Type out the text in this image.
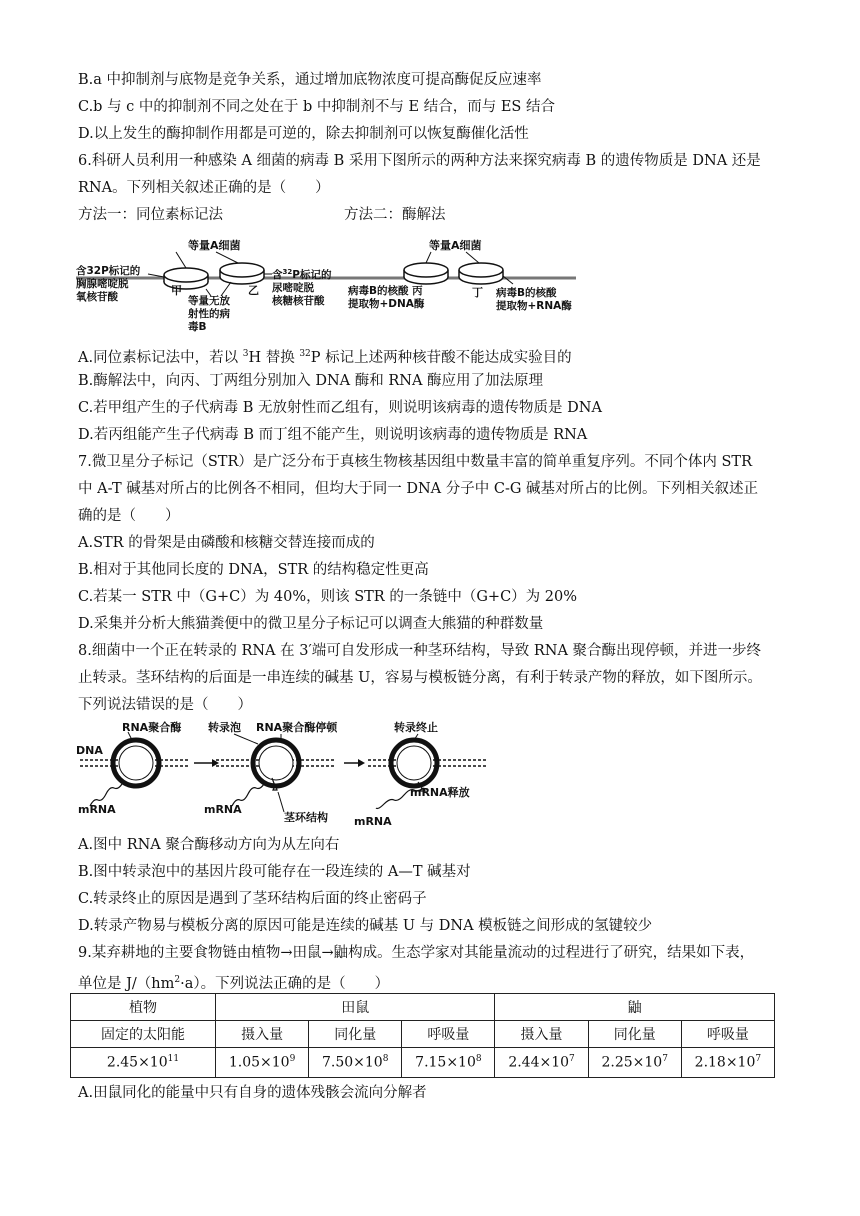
B.a 中抑制剂与底物是竞争关系，通过增加底物浓度可提高酶促反应速率
C.b 与 c 中的抑制剂不同之处在于 b 中抑制剂不与 E 结合，而与 ES 结合
D.以上发生的酶抑制作用都是可逆的，除去抑制剂可以恢复酶催化活性
6.科研人员利用一种感染 A 细菌的病毒 B 采用下图所示的两种方法来探究病毒 B 的遗传物质是 DNA 还是
RNA。下列相关叙述正确的是（　　）
方法一：同位素标记法	方法二：酶解法
含32P标记的
胸腺嘧啶脱
氧核苷酸
等量A细菌
甲	乙
含$^{32}$P标记的
尿嘧啶脱
核糖核苷酸
等量无放
射性的病
毒B
等量A细菌
病毒B的核酸 丙
提取物+DNA酶
丁 病毒B的核酸
提取物+RNA酶
A.同位素标记法中，若以 $^3$H 替换 $^{32}$P 标记上述两种核苷酸不能达成实验目的
B.酶解法中，向丙、丁两组分别加入 DNA 酶和 RNA 酶应用了加法原理
C.若甲组产生的子代病毒 B 无放射性而乙组有，则说明该病毒的遗传物质是 DNA
D.若丙组能产生子代病毒 B 而丁组不能产生，则说明该病毒的遗传物质是 RNA
7.微卫星分子标记（STR）是广泛分布于真核生物核基因组中数量丰富的简单重复序列。不同个体内 STR
中 A-T 碱基对所占的比例各不相同，但均大于同一 DNA 分子中 C-G 碱基对所占的比例。下列相关叙述正
确的是（　　）
A.STR 的骨架是由磷酸和核糖交替连接而成的
B.相对于其他同长度的 DNA，STR 的结构稳定性更高
C.若某一 STR 中（G+C）为 40%，则该 STR 的一条链中（G+C）为 20%
D.采集并分析大熊猫粪便中的微卫星分子标记可以调查大熊猫的种群数量
8.细菌中一个正在转录的 RNA 在 3′端可自发形成一种茎环结构，导致 RNA 聚合酶出现停顿，并进一步终
止转录。茎环结构的后面是一串连续的碱基 U，容易与模板链分离，有利于转录产物的释放，如下图所示。
下列说法错误的是（　　）
DNA
RNA聚合酶
mRNA
转录泡 RNA聚合酶停顿
mRNA
茎环结构
转录终止
mRNA释放
mRNA
A.图中 RNA 聚合酶移动方向为从左向右
B.图中转录泡中的基因片段可能存在一段连续的 A—T 碱基对
C.转录终止的原因是遇到了茎环结构后面的终止密码子
D.转录产物易与模板分离的原因可能是连续的碱基 U 与 DNA 模板链之间形成的氢键较少
9.某弃耕地的主要食物链由植物→田鼠→鼬构成。生态学家对其能量流动的过程进行了研究，结果如下表，
单位是 $J/(hm^2\cdot a)$。下列说法正确的是（　　）
植物	田鼠			鼬		
固定的太阳能	摄入量	同化量	呼吸量	摄入量	同化量	呼吸量
$2.45\times 10^{11}$	$1.05\times 10^9$	$7.50\times 10^8$	$7.15\times 10^8$	$2.44\times 10^7$	$2.25\times 10^7$	$2.18\times 10^7$
A.田鼠同化的能量中只有自身的遗体残骸会流向分解者
